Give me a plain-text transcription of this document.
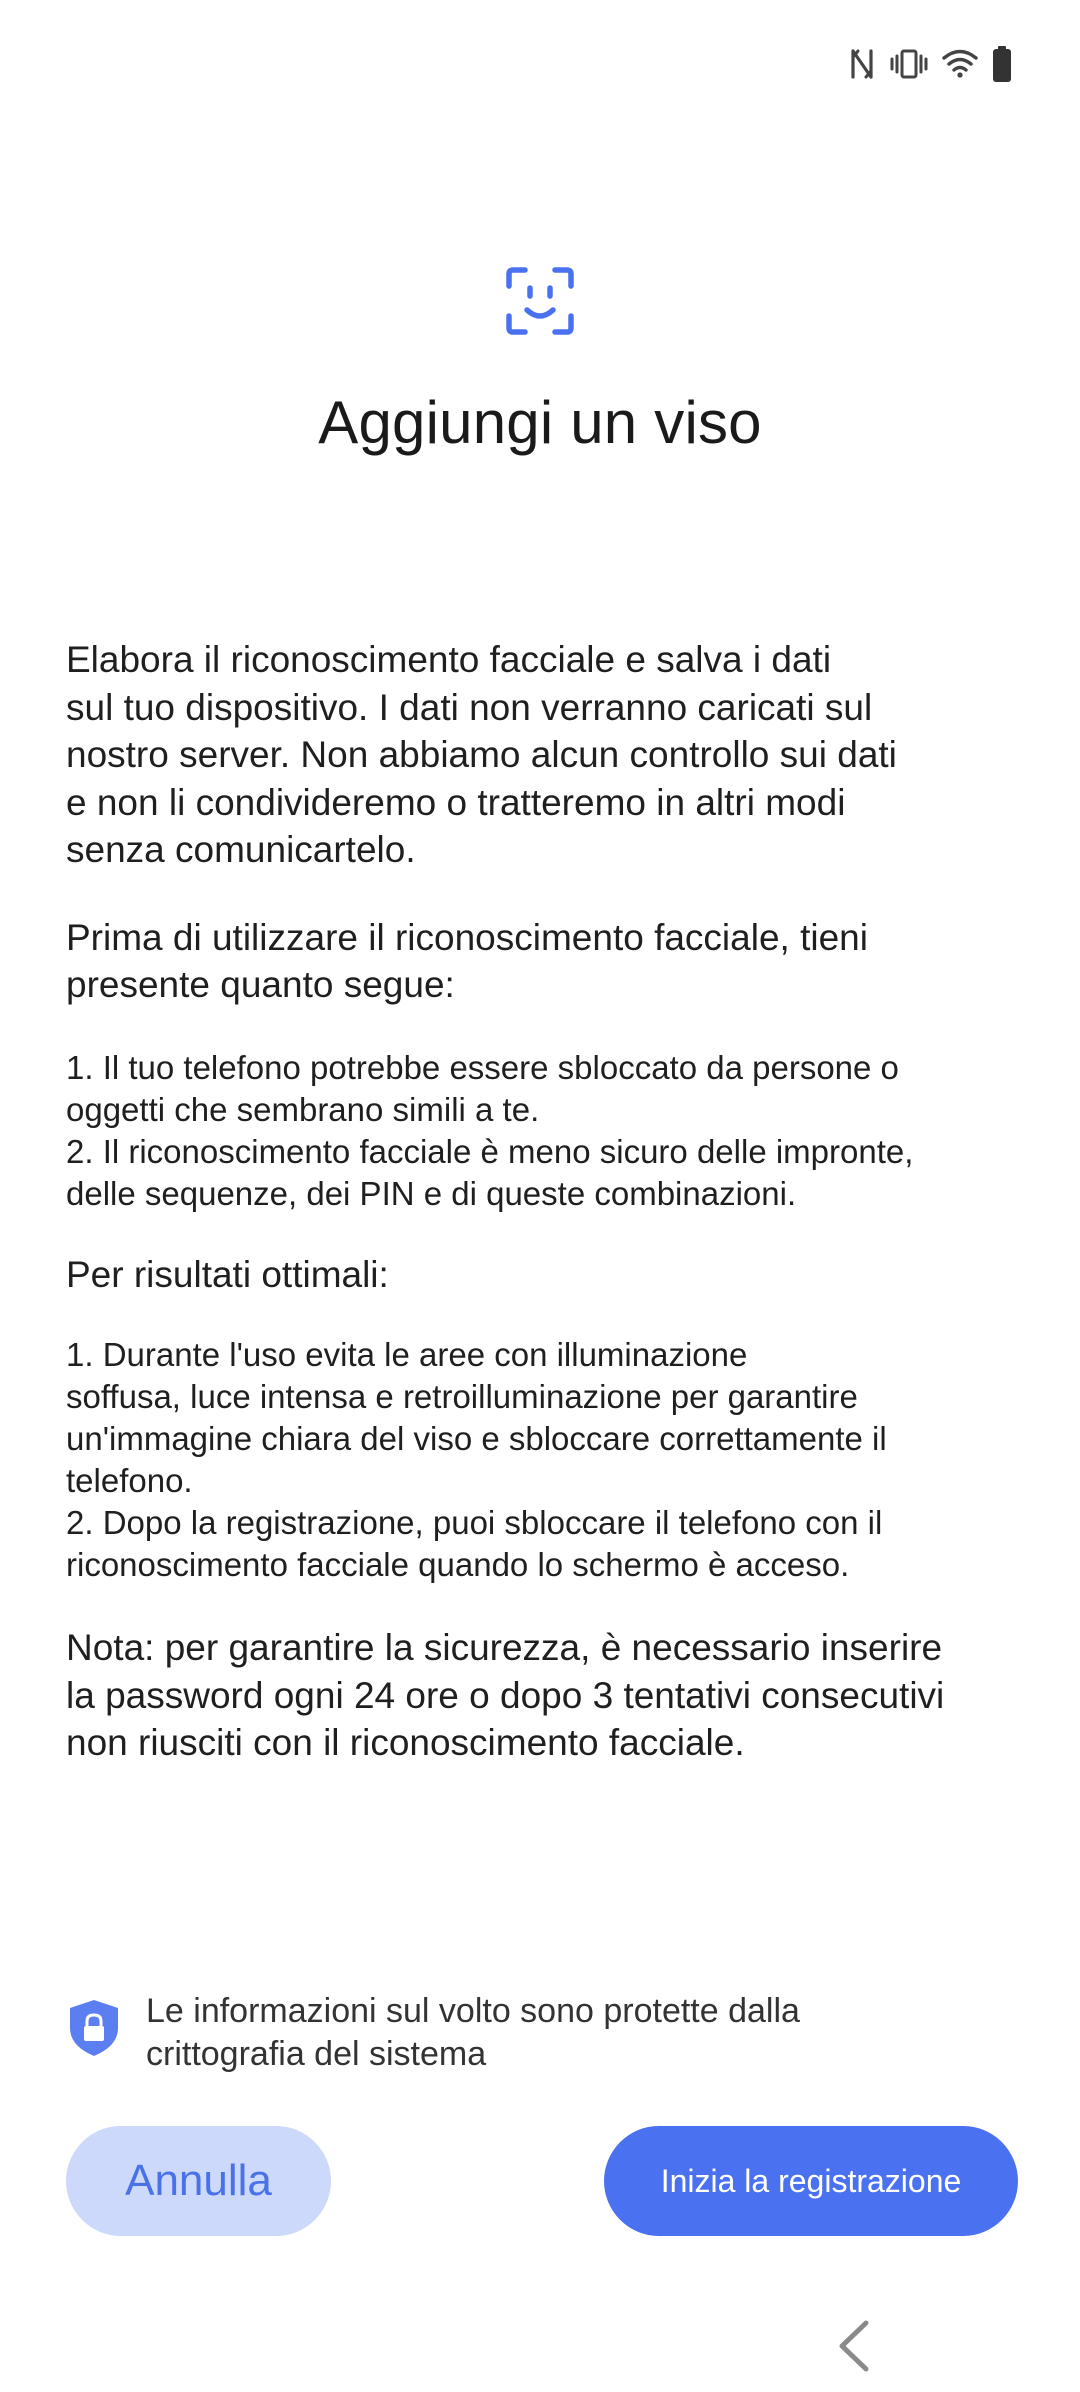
Aggiungi un viso

Elabora il riconoscimento facciale e salva i dati
sul tuo dispositivo. I dati non verranno caricati sul
nostro server. Non abbiamo alcun controllo sui dati
e non li condivideremo o tratteremo in altri modi
senza comunicartelo.

Prima di utilizzare il riconoscimento facciale, tieni
presente quanto segue:

1. Il tuo telefono potrebbe essere sbloccato da persone o
oggetti che sembrano simili a te.
2. Il riconoscimento facciale è meno sicuro delle impronte,
delle sequenze, dei PIN e di queste combinazioni.

Per risultati ottimali:

1. Durante l'uso evita le aree con illuminazione
soffusa, luce intensa e retroilluminazione per garantire
un'immagine chiara del viso e sbloccare correttamente il
telefono.
2. Dopo la registrazione, puoi sbloccare il telefono con il
riconoscimento facciale quando lo schermo è acceso.

Nota: per garantire la sicurezza, è necessario inserire
la password ogni 24 ore o dopo 3 tentativi consecutivi
non riusciti con il riconoscimento facciale.

Le informazioni sul volto sono protette dalla
crittografia del sistema
Annulla	Inizia la registrazione
